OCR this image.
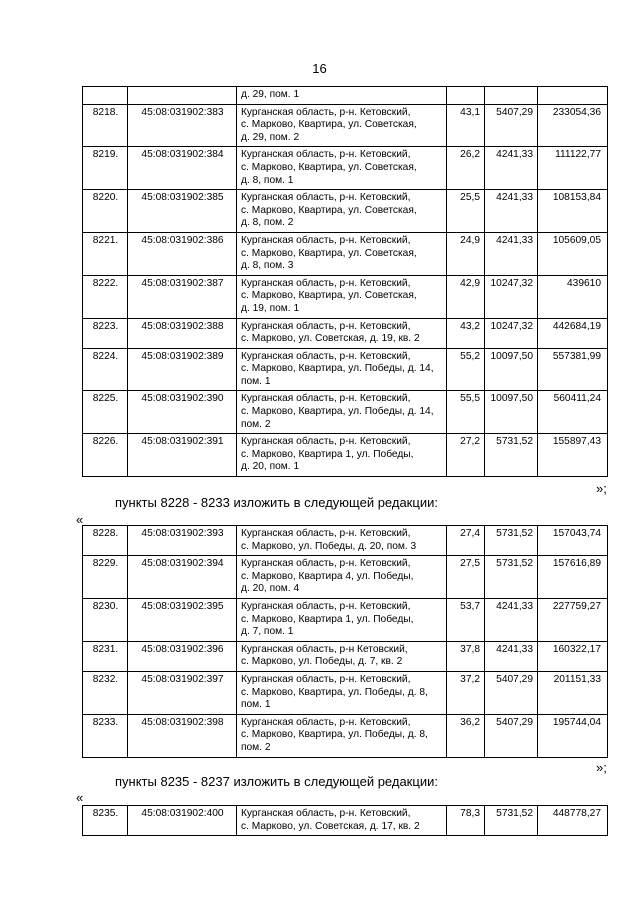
16

		д. 29, пом. 1			

8218.	45:08:031902:383	Курганская область, р-н. Кетовский,
с. Марково, Квартира, ул. Советская,
д. 29, пом. 2	43,1	5407,29	233054,36
8219.	45:08:031902:384	Курганская область, р-н. Кетовский,
с. Марково, Квартира, ул. Советская,
д. 8, пом. 1	26,2	4241,33	111122,77
8220.	45:08:031902:385	Курганская область, р-н. Кетовский,
с. Марково, Квартира, ул. Советская,
д. 8, пом. 2	25,5	4241,33	108153,84
8221.	45:08:031902:386	Курганская область, р-н. Кетовский,
с. Марково, Квартира, ул. Советская,
д. 8, пом. 3	24,9	4241,33	105609,05
8222.	45:08:031902:387	Курганская область, р-н. Кетовский,
с. Марково, Квартира, ул. Советская,
д. 19, пом. 1	42,9	10247,32	439610
8223.	45:08:031902:388	Курганская область, р-н. Кетовский,
с. Марково, ул. Советская, д. 19, кв. 2	43,2	10247,32	442684,19
8224.	45:08:031902:389	Курганская область, р-н. Кетовский,
с. Марково, Квартира, ул. Победы, д. 14,
пом. 1	55,2	10097,50	557381,99
8225.	45:08:031902:390	Курганская область, р-н. Кетовский,
с. Марково, Квартира, ул. Победы, д. 14,
пом. 2	55,5	10097,50	560411,24
8226.	45:08:031902:391	Курганская область, р-н. Кетовский,
с. Марково, Квартира 1, ул. Победы,
д. 20, пом. 1	27,2	5731,52	155897,43
»;
пункты 8228 - 8233 изложить в следующей редакции:
«
8228.	45:08:031902:393	Курганская область, р-н. Кетовский,
с. Марково, ул. Победы, д. 20, пом. 3	27,4	5731,52	157043,74
8229.	45:08:031902:394	Курганская область, р-н. Кетовский,
с. Марково, Квартира 4, ул. Победы,
д. 20, пом. 4	27,5	5731,52	157616,89
8230.	45:08:031902:395	Курганская область, р-н. Кетовский,
с. Марково, Квартира 1, ул. Победы,
д. 7, пом. 1	53,7	4241,33	227759,27
8231.	45:08:031902:396	Курганская область, р-н Кетовский,
с. Марково, ул. Победы, д. 7, кв. 2	37,8	4241,33	160322,17
8232.	45:08:031902:397	Курганская область, р-н. Кетовский,
с. Марково, Квартира, ул. Победы, д. 8,
пом. 1	37,2	5407,29	201151,33
8233.	45:08:031902:398	Курганская область, р-н. Кетовский,
с. Марково, Квартира, ул. Победы, д. 8,
пом. 2	36,2	5407,29	195744,04
»;
пункты 8235 - 8237 изложить в следующей редакции:
«
8235.	45:08:031902:400	Курганская область, р-н. Кетовский,
с. Марково, ул. Советская, д. 17, кв. 2
	78,3	5731,52	448778,27
